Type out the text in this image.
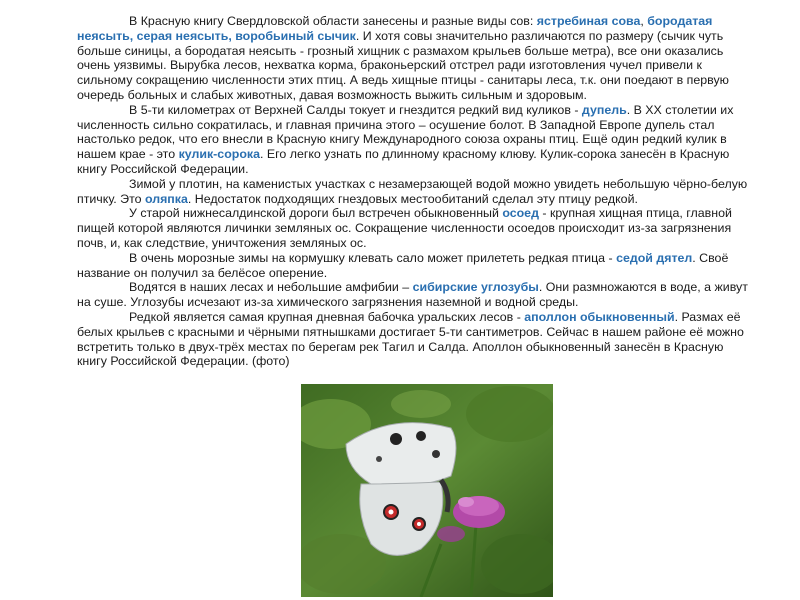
В Красную книгу Свердловской области занесены и разные виды сов: ястребиная сова, бородатая неясыть, серая неясыть, воробьиный сычик. И хотя совы значительно различаются по размеру (сычик чуть больше синицы, а бородатая неясыть - грозный хищник с размахом крыльев больше метра), все они оказались очень уязвимы. Вырубка лесов, нехватка корма, браконьерский отстрел ради изготовления чучел привели к сильному сокращению численности этих птиц. А ведь хищные птицы - санитары леса, т.к. они поедают в первую очередь больных и слабых животных, давая возможность выжить сильным и здоровым.

В 5-ти километрах от Верхней Салды токует и гнездится редкий вид куликов - дупель. В XX столетии их численность сильно сократилась, и главная причина этого – осушение болот. В Западной Европе дупель стал настолько редок, что его внесли в Красную книгу Международного союза охраны птиц. Ещё один редкий кулик в нашем крае - это кулик-сорока. Его легко узнать по длинному красному клюву. Кулик-сорока занесён в Красную книгу Российской Федерации.

Зимой у плотин, на каменистых участках с незамерзающей водой можно увидеть небольшую чёрно-белую птичку. Это оляпка. Недостаток подходящих гнездовых местообитаний сделал эту птицу редкой.

У старой нижнесалдинской дороги был встречен обыкновенный осоед - крупная хищная птица, главной пищей которой являются личинки земляных ос. Сокращение численности осоедов происходит из-за загрязнения почв, и, как следствие, уничтожения земляных ос.

В очень морозные зимы на кормушку клевать сало может прилететь редкая птица - седой дятел. Своё название он получил за белёсое оперение.

Водятся в наших лесах и небольшие амфибии – сибирские углозубы. Они размножаются в воде, а живут на суше. Углозубы исчезают из-за химического загрязнения наземной и водной среды.

Редкой является самая крупная дневная бабочка уральских лесов - аполлон обыкновенный. Размах её белых крыльев с красными и чёрными пятнышками достигает 5-ти сантиметров. Сейчас в нашем районе её можно встретить только в двух-трёх местах по берегам рек Тагил и Салда. Аполлон обыкновенный занесён в Красную книгу Российской Федерации. (фото)
